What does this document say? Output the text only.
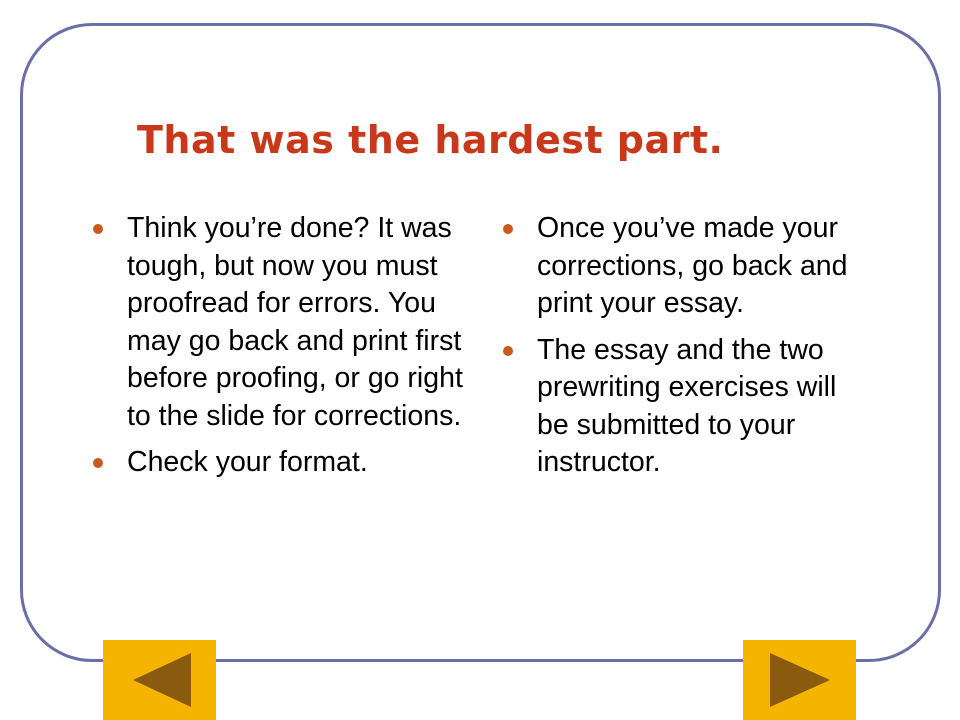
That was the hardest part.
Think you’re done? It was tough, but now you must proofread for errors. You may go back and print first before proofing, or go right to the slide for corrections.
Check your format.
Once you’ve made your corrections, go back and print your essay.
The essay and the two prewriting exercises will be submitted to your instructor.
